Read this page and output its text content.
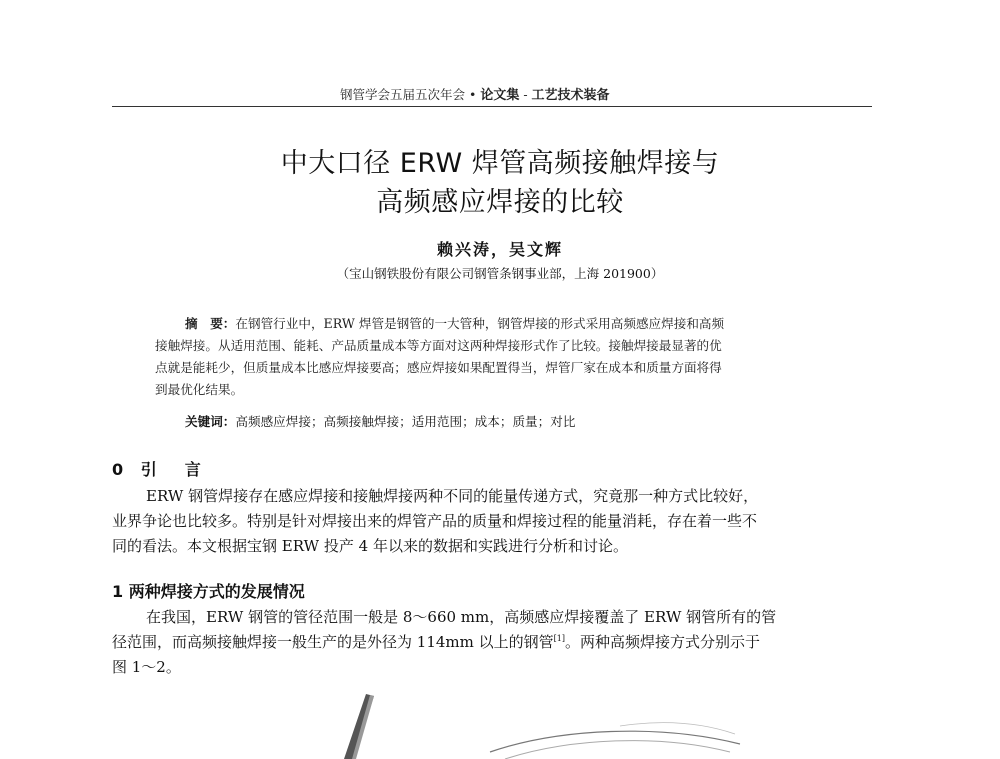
钢管学会五届五次年会 • 论文集 - 工艺技术装备
中大口径 ERW 焊管高频接触焊接与
高频感应焊接的比较
赖兴涛，吴文辉
（宝山钢铁股份有限公司钢管条钢事业部，上海 201900）
摘　要：在钢管行业中，ERW 焊管是钢管的一大管种，钢管焊接的形式采用高频感应焊接和高频
接触焊接。从适用范围、能耗、产品质量成本等方面对这两种焊接形式作了比较。接触焊接最显著的优
点就是能耗少，但质量成本比感应焊接要高；感应焊接如果配置得当，焊管厂家在成本和质量方面将得
到最优化结果。
关键词：高频感应焊接；高频接触焊接；适用范围；成本；质量；对比
0 引　言
ERW 钢管焊接存在感应焊接和接触焊接两种不同的能量传递方式，究竟那一种方式比较好，
业界争论也比较多。特别是针对焊接出来的焊管产品的质量和焊接过程的能量消耗，存在着一些不
同的看法。本文根据宝钢 ERW 投产 4 年以来的数据和实践进行分析和讨论。
1 两种焊接方式的发展情况
在我国，ERW 钢管的管径范围一般是 8～660 mm，高频感应焊接覆盖了 ERW 钢管所有的管
径范围，而高频接触焊接一般生产的是外径为 114mm 以上的钢管[1]。两种高频焊接方式分别示于
图 1～2。
